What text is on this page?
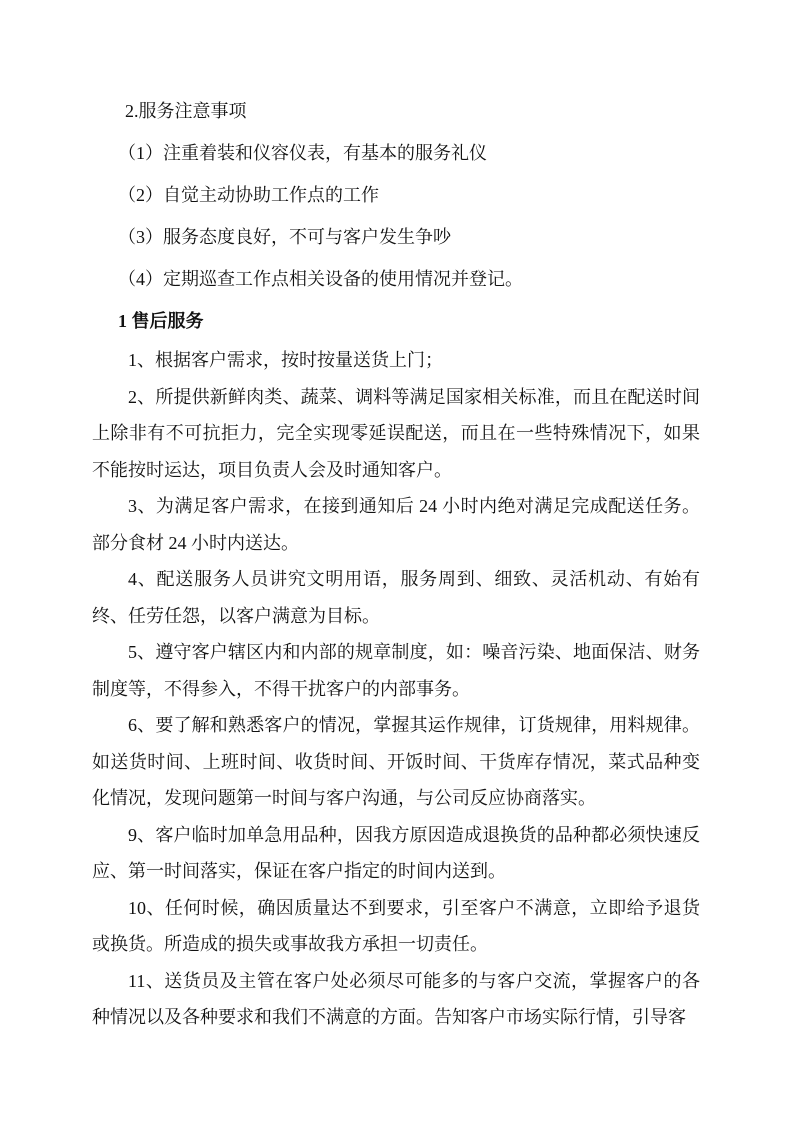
2.服务注意事项

（1）注重着装和仪容仪表，有基本的服务礼仪

（2）自觉主动协助工作点的工作

（3）服务态度良好，不可与客户发生争吵

（4）定期巡查工作点相关设备的使用情况并登记。

1 售后服务

1、根据客户需求，按时按量送货上门；

2、所提供新鲜肉类、蔬菜、调料等满足国家相关标准，而且在配送时间上除非有不可抗拒力，完全实现零延误配送，而且在一些特殊情况下，如果不能按时运达，项目负责人会及时通知客户。

3、为满足客户需求，在接到通知后 24 小时内绝对满足完成配送任务。部分食材 24 小时内送达。

4、配送服务人员讲究文明用语，服务周到、细致、灵活机动、有始有终、任劳任怨，以客户满意为目标。

5、遵守客户辖区内和内部的规章制度，如：噪音污染、地面保洁、财务制度等，不得参入，不得干扰客户的内部事务。

6、要了解和熟悉客户的情况，掌握其运作规律，订货规律，用料规律。如送货时间、上班时间、收货时间、开饭时间、干货库存情况，菜式品种变化情况，发现问题第一时间与客户沟通，与公司反应协商落实。

9、客户临时加单急用品种，因我方原因造成退换货的品种都必须快速反应、第一时间落实，保证在客户指定的时间内送到。

10、任何时候，确因质量达不到要求，引至客户不满意，立即给予退货或换货。所造成的损失或事故我方承担一切责任。

11、送货员及主管在客户处必须尽可能多的与客户交流，掌握客户的各种情况以及各种要求和我们不满意的方面。告知客户市场实际行情，引导客
